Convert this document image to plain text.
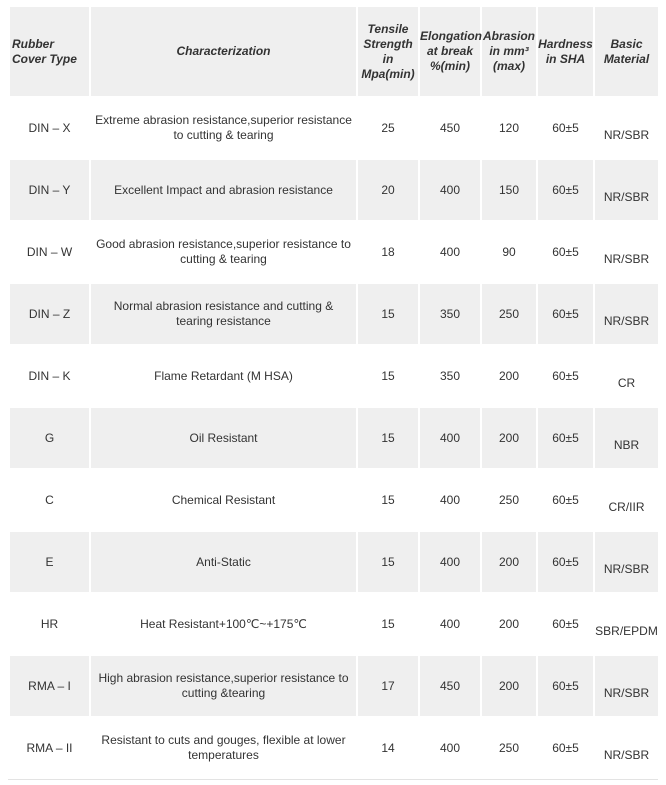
Rubber Cover Type	Characterization	Tensile Strength in Mpa(min)	Elongation at break %(min)	Abrasion in mm³ (max)	Hardness in SHA	Basic Material
DIN – X	Extreme abrasion resistance,superior resistance to cutting & tearing	25	450	120	60±5	NR/SBR
DIN – Y	Excellent Impact and abrasion resistance	20	400	150	60±5	NR/SBR
DIN – W	Good abrasion resistance,superior resistance to cutting & tearing	18	400	90	60±5	NR/SBR
DIN – Z	Normal abrasion resistance and cutting & tearing resistance	15	350	250	60±5	NR/SBR
DIN – K	Flame Retardant (M HSA)	15	350	200	60±5	CR
G	Oil Resistant	15	400	200	60±5	NBR
C	Chemical Resistant	15	400	250	60±5	CR/IIR
E	Anti-Static	15	400	200	60±5	NR/SBR
HR	Heat Resistant+100℃~+175℃	15	400	200	60±5	SBR/EPDM
RMA – I	High abrasion resistance,superior resistance to cutting &tearing	17	450	200	60±5	NR/SBR
RMA – II	Resistant to cuts and gouges, flexible at lower temperatures	14	400	250	60±5	NR/SBR
